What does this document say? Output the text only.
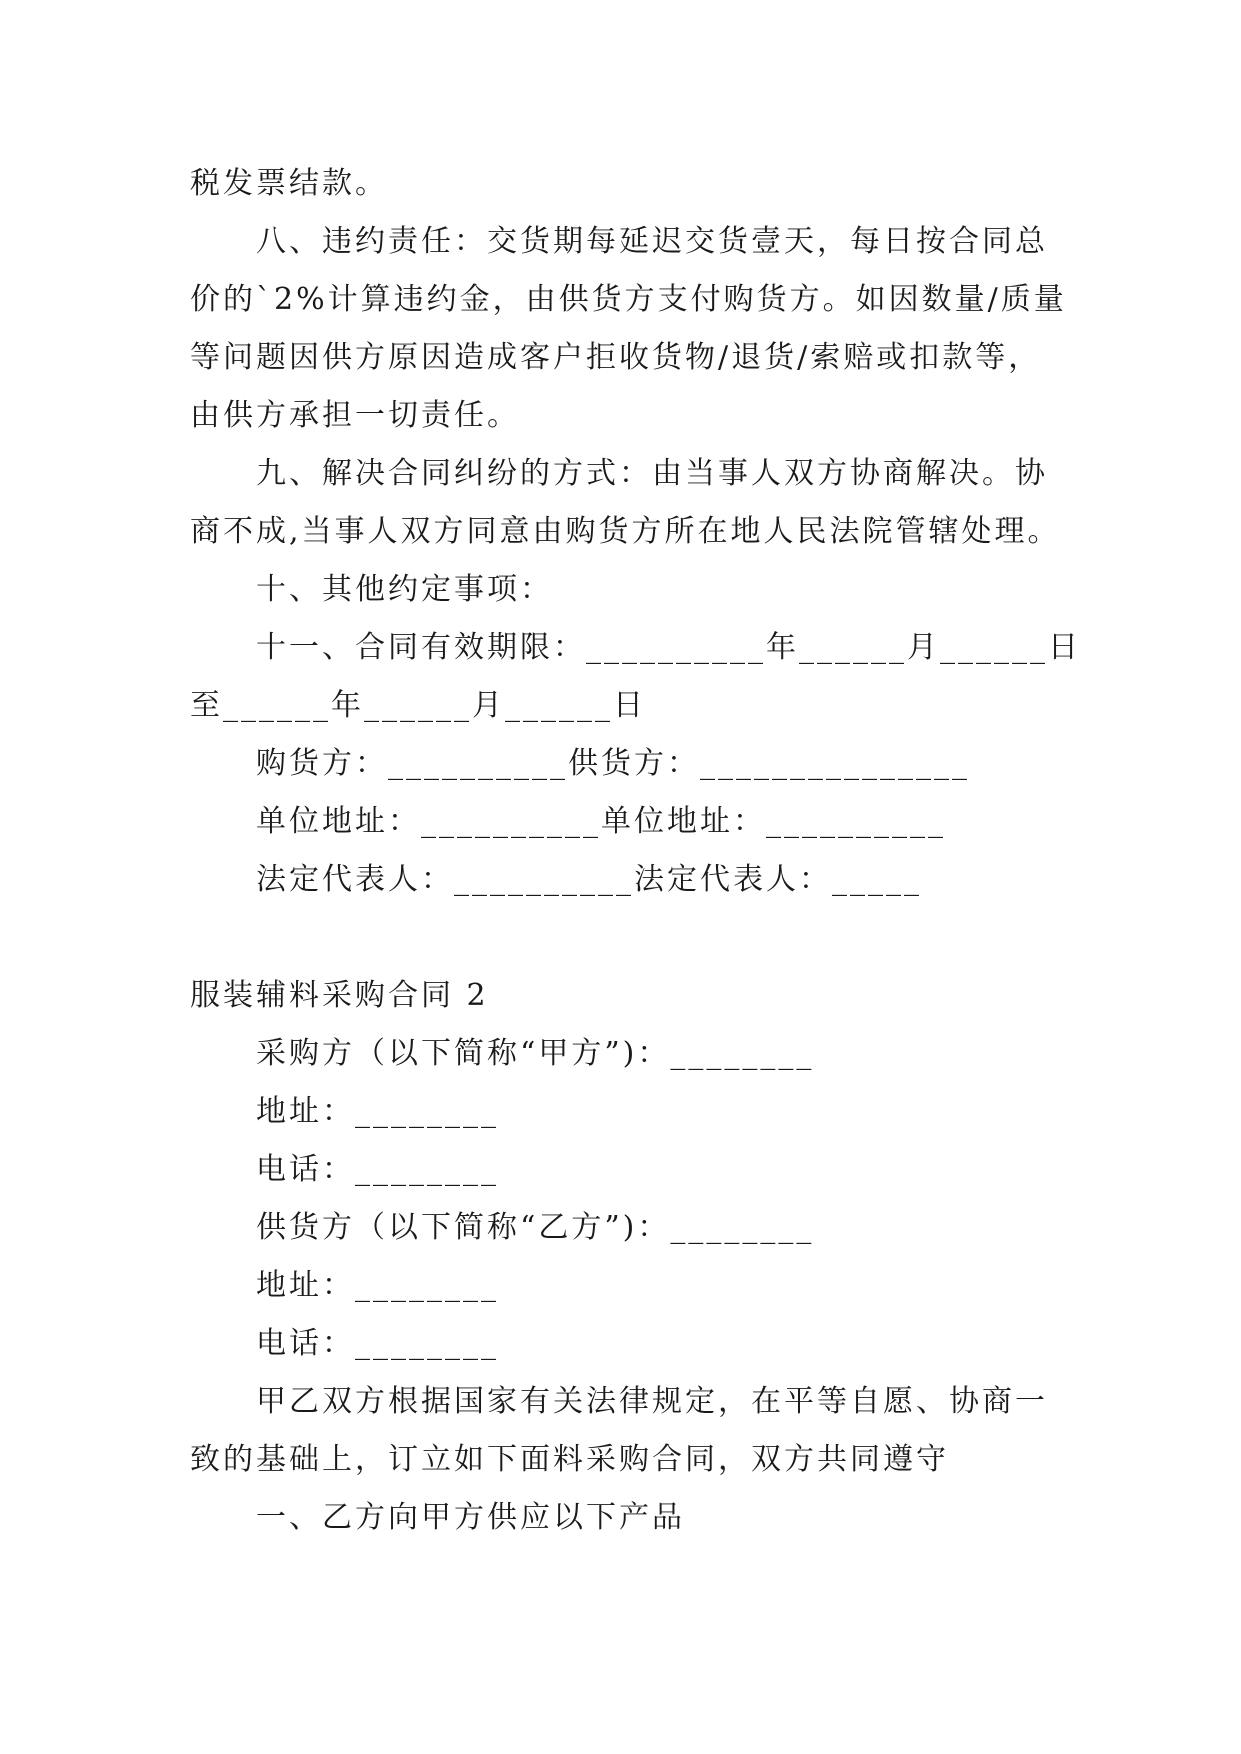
税发票结款。
八、违约责任：交货期每延迟交货壹天，每日按合同总
价的`2%计算违约金，由供货方支付购货方。如因数量/质量
等问题因供方原因造成客户拒收货物/退货/索赔或扣款等，
由供方承担一切责任。
九、解决合同纠纷的方式：由当事人双方协商解决。协
商不成,当事人双方同意由购货方所在地人民法院管辖处理。
十、其他约定事项：
十一、合同有效期限：__________年______月______日
至______年______月______日
购货方：__________供货方：_______________
单位地址：__________单位地址：__________
法定代表人：__________法定代表人：_____
服装辅料采购合同 2
采购方（以下简称“甲方”)：________
地址：________
电话：________
供货方（以下简称“乙方”)：________
地址：________
电话：________
甲乙双方根据国家有关法律规定，在平等自愿、协商一
致的基础上，订立如下面料采购合同，双方共同遵守
一、乙方向甲方供应以下产品
